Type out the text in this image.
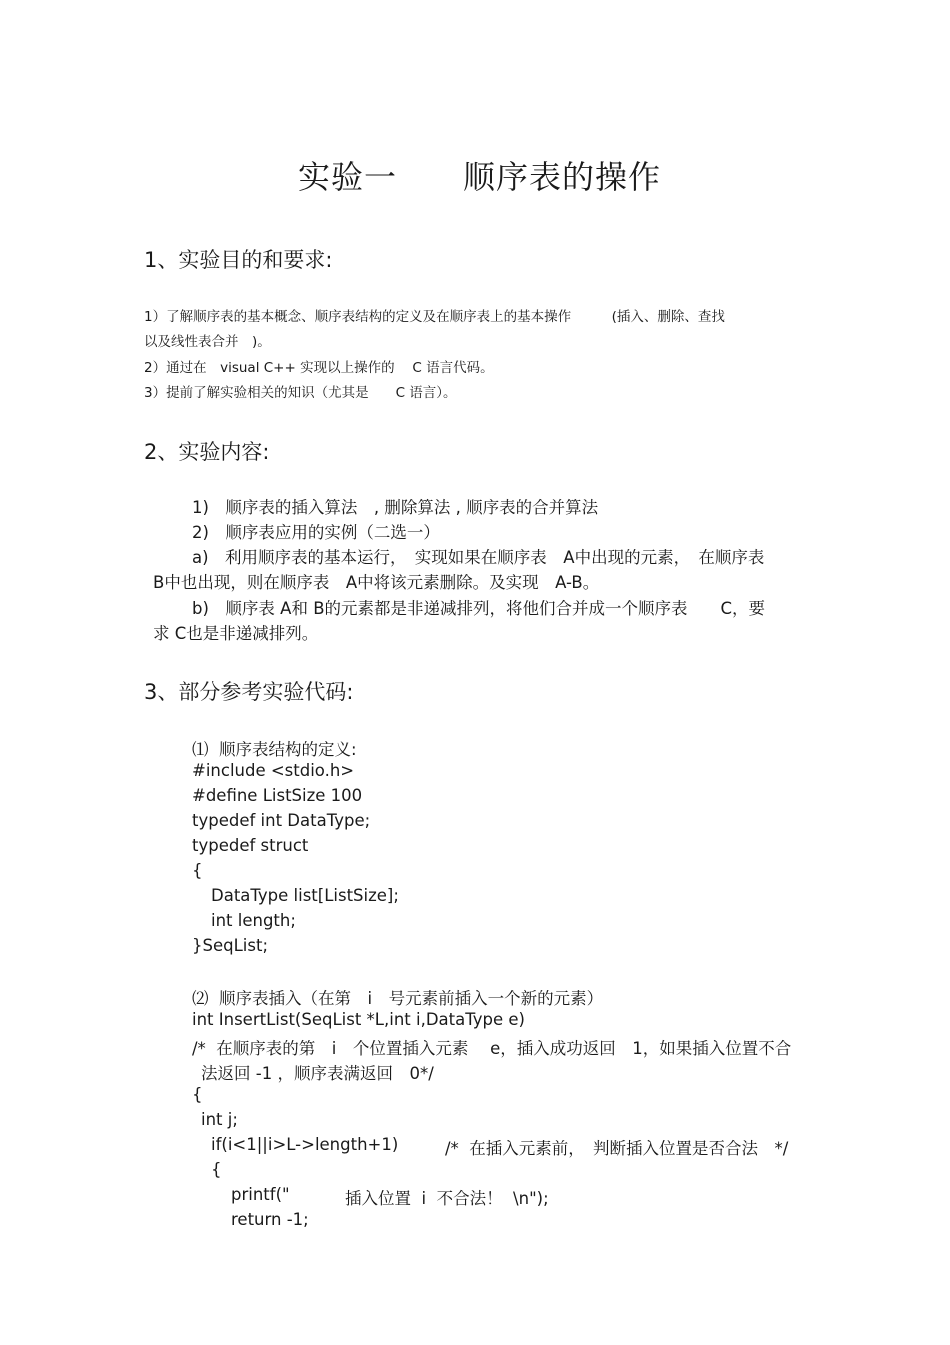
实验一　　顺序表的操作
1、实验目的和要求:
1）了解顺序表的基本概念、顺序表结构的定义及在顺序表上的基本操作　　　(插入、删除、查找
以及线性表合并　)。
2）通过在　visual C++ 实现以上操作的　 C 语言代码。
3）提前了解实验相关的知识（尤其是　　C 语言）。
2、实验内容:
1)　顺序表的插入算法　, 删除算法 , 顺序表的合并算法
2)　顺序表应用的实例（二选一）
a)　利用顺序表的基本运行，　实现如果在顺序表　A中出现的元素，　在顺序表
B中也出现，则在顺序表　A中将该元素删除。及实现　A-B。
b)　顺序表 A和 B的元素都是非递减排列，将他们合并成一个顺序表　　C，要
求 C也是非递减排列。
3、部分参考实验代码:
⑴  顺序表结构的定义:
#include <stdio.h>
#define ListSize 100
typedef int DataType;
typedef struct
{
DataType list[ListSize];
int length;
}SeqList;
⑵  顺序表插入（在第　i　号元素前插入一个新的元素）
int InsertList(SeqList *L,int i,DataType e)
/*  在顺序表的第　i　个位置插入元素　 e，插入成功返回　1，如果插入位置不合
法返回 -1 ，顺序表满返回　0*/
{
int j;
if(i<1||i>L->length+1)	/*  在插入元素前，　判断插入位置是否合法　*/
{
printf("	插入位置  i  不合法！  \n");
return -1;
